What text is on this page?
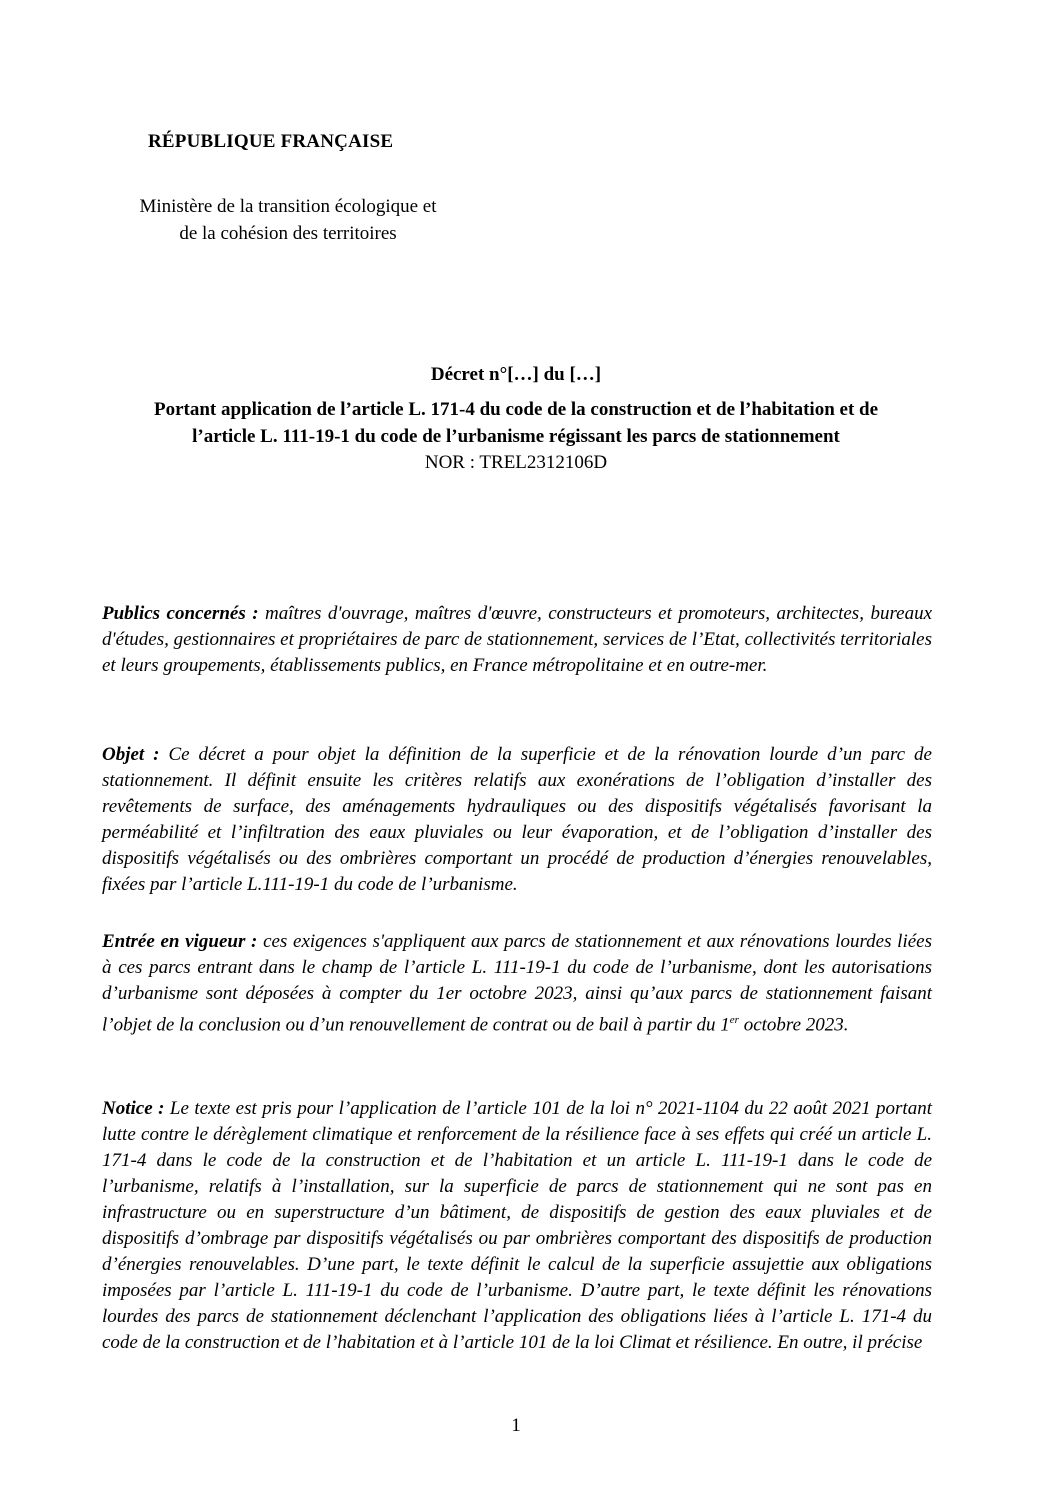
RÉPUBLIQUE FRANÇAISE
Ministère de la transition écologique et
de la cohésion des territoires
Décret n°[…] du […]
Portant application de l’article L. 171-4 du code de la construction et de l’habitation et de
l’article L. 111-19-1 du code de l’urbanisme régissant les parcs de stationnement
NOR : TREL2312106D

Publics concernés : maîtres d'ouvrage, maîtres d'œuvre, constructeurs et promoteurs, architectes, bureaux d'études, gestionnaires et propriétaires de parc de stationnement, services de l’Etat, collectivités territoriales et leurs groupements, établissements publics, en France métropolitaine et en outre-mer.

Objet : Ce décret a pour objet la définition de la superficie et de la rénovation lourde d’un parc de stationnement. Il définit ensuite les critères relatifs aux exonérations de l’obligation d’installer des revêtements de surface, des aménagements hydrauliques ou des dispositifs végétalisés favorisant la perméabilité et l’infiltration des eaux pluviales ou leur évaporation, et de l’obligation d’installer des dispositifs végétalisés ou des ombrières comportant un procédé de production d’énergies renouvelables, fixées par l’article L.111-19-1 du code de l’urbanisme.

Entrée en vigueur : ces exigences s'appliquent aux parcs de stationnement et aux rénovations lourdes liées à ces parcs entrant dans le champ de l’article L. 111-19-1 du code de l’urbanisme, dont les autorisations d’urbanisme sont déposées à compter du 1er octobre 2023, ainsi qu’aux parcs de stationnement faisant l’objet de la conclusion ou d’un renouvellement de contrat ou de bail à partir du 1er octobre 2023.

Notice : Le texte est pris pour l’application de l’article 101 de la loi n° 2021-1104 du 22 août 2021 portant lutte contre le dérèglement climatique et renforcement de la résilience face à ses effets qui créé un article L. 171-4 dans le code de la construction et de l’habitation et un article L. 111-19-1 dans le code de l’urbanisme, relatifs à l’installation, sur la superficie de parcs de stationnement qui ne sont pas en infrastructure ou en superstructure d’un bâtiment, de dispositifs de gestion des eaux pluviales et de dispositifs d’ombrage par dispositifs végétalisés ou par ombrières comportant des dispositifs de production d’énergies renouvelables. D’une part, le texte définit le calcul de la superficie assujettie aux obligations imposées par l’article L. 111-19-1 du code de l’urbanisme. D’autre part, le texte définit les rénovations lourdes des parcs de stationnement déclenchant l’application des obligations liées à l’article L. 171-4 du code de la construction et de l’habitation et à l’article 101 de la loi Climat et résilience. En outre, il précise

1
